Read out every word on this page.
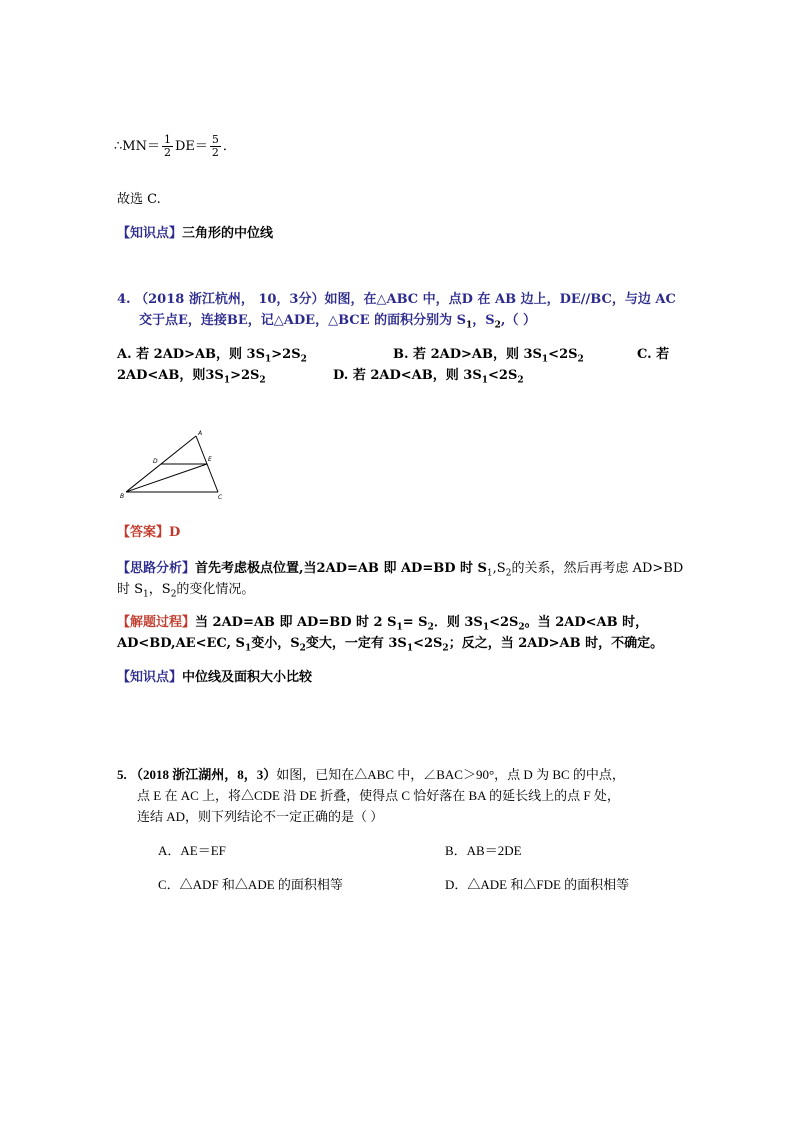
∴MN＝ $\frac{1}{2} DE= \frac{5}{2}$ ．
故选 C.
【知识点】三角形的中位线
4. （2018 浙江杭州， 10，3分）如图，在△ABC 中，点D 在 AB 边上，DE//BC，与边 AC
交于点E，连接BE，记△ADE，△BCE 的面积分别为 $S_1$，$S_2$,（ ）
A. 若 2AD>AB，则 $3S_1>2S_2$	B. 若 2AD>AB，则 $3S_1<2S_2$	C. 若
2AD<AB，则$3S_1>2S_2$	D. 若 2AD<AB，则 $3S_1<2S_2$
A
B	C
D	E
【答案】D
【思路分析】首先考虑极点位置,当2AD=AB 即 AD=BD 时 $S_1,S_2$的关系，然后再考虑 AD>BD
时 $S_1$，$S_2$的变化情况。
【解题过程】当 2AD=AB 即 AD=BD 时 2 $S_1= S_2$．则 $3S_1<2S_2$。当 2AD<AB 时，
AD<BD,AE<EC, $S_1$变小，$S_2$变大，一定有 $3S_1<2S_2$；反之，当 2AD>AB 时，不确定。
【知识点】中位线及面积大小比较
5. （2018 浙江湖州，8，3）如图，已知在△ABC 中，∠BAC＞90°，点 D 为 BC 的中点，
点 E 在 AC 上，将△CDE 沿 DE 折叠，使得点 C 恰好落在 BA 的延长线上的点 F 处，
连结 AD，则下列结论不一定正确的是（ ）
A．AE＝EF	B．AB＝2DE
C．△ADF 和△ADE 的面积相等	D．△ADE 和△FDE 的面积相等
